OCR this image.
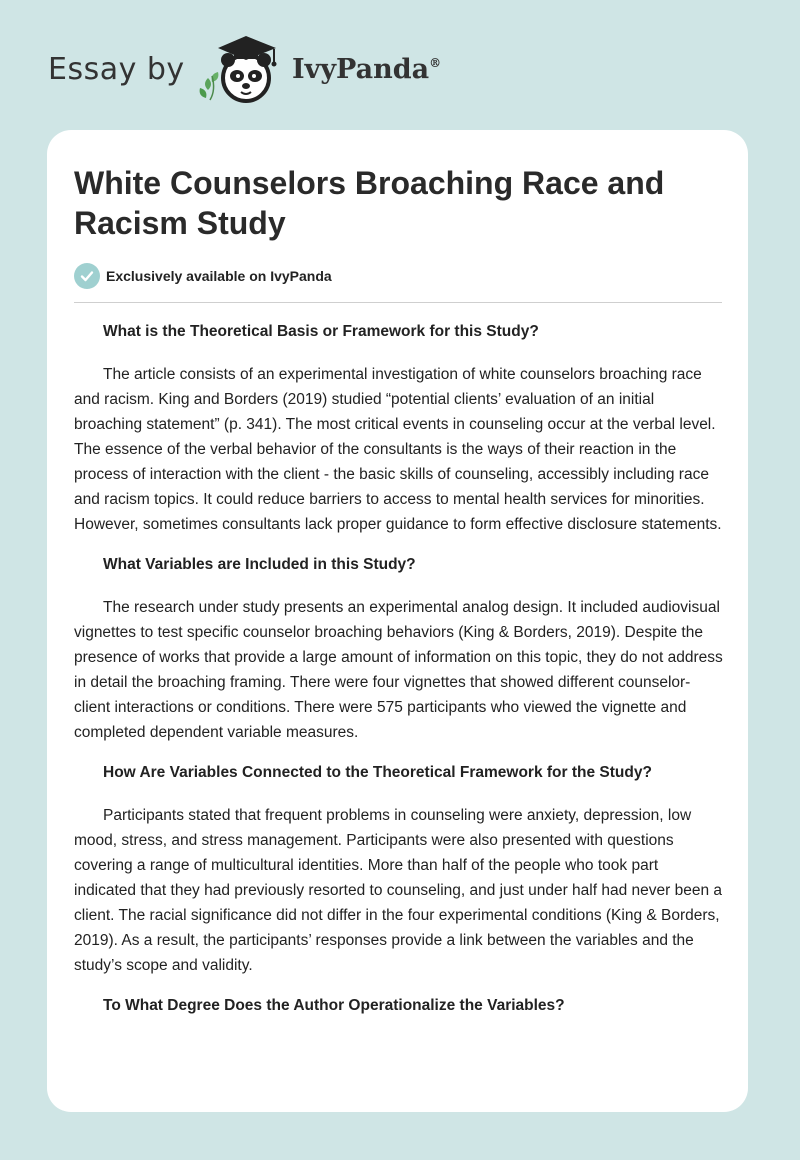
Essay by	IvyPanda®
White Counselors Broaching Race and Racism Study
Exclusively available on IvyPanda

What is the Theoretical Basis or Framework for this Study?

The article consists of an experimental investigation of white counselors broaching race and racism. King and Borders (2019) studied “potential clients’ evaluation of an initial broaching statement” (p. 341). The most critical events in counseling occur at the verbal level. The essence of the verbal behavior of the consultants is the ways of their reaction in the process of interaction with the client - the basic skills of counseling, accessibly including race and racism topics. It could reduce barriers to access to mental health services for minorities. However, sometimes consultants lack proper guidance to form effective disclosure statements.

What Variables are Included in this Study?

The research under study presents an experimental analog design. It included audiovisual vignettes to test specific counselor broaching behaviors (King & Borders, 2019). Despite the presence of works that provide a large amount of information on this topic, they do not address in detail the broaching framing. There were four vignettes that showed different counselor-client interactions or conditions. There were 575 participants who viewed the vignette and completed dependent variable measures.

How Are Variables Connected to the Theoretical Framework for the Study?

Participants stated that frequent problems in counseling were anxiety, depression, low mood, stress, and stress management. Participants were also presented with questions covering a range of multicultural identities. More than half of the people who took part indicated that they had previously resorted to counseling, and just under half had never been a client. The racial significance did not differ in the four experimental conditions (King & Borders, 2019). As a result, the participants’ responses provide a link between the variables and the study’s scope and validity.

To What Degree Does the Author Operationalize the Variables?
